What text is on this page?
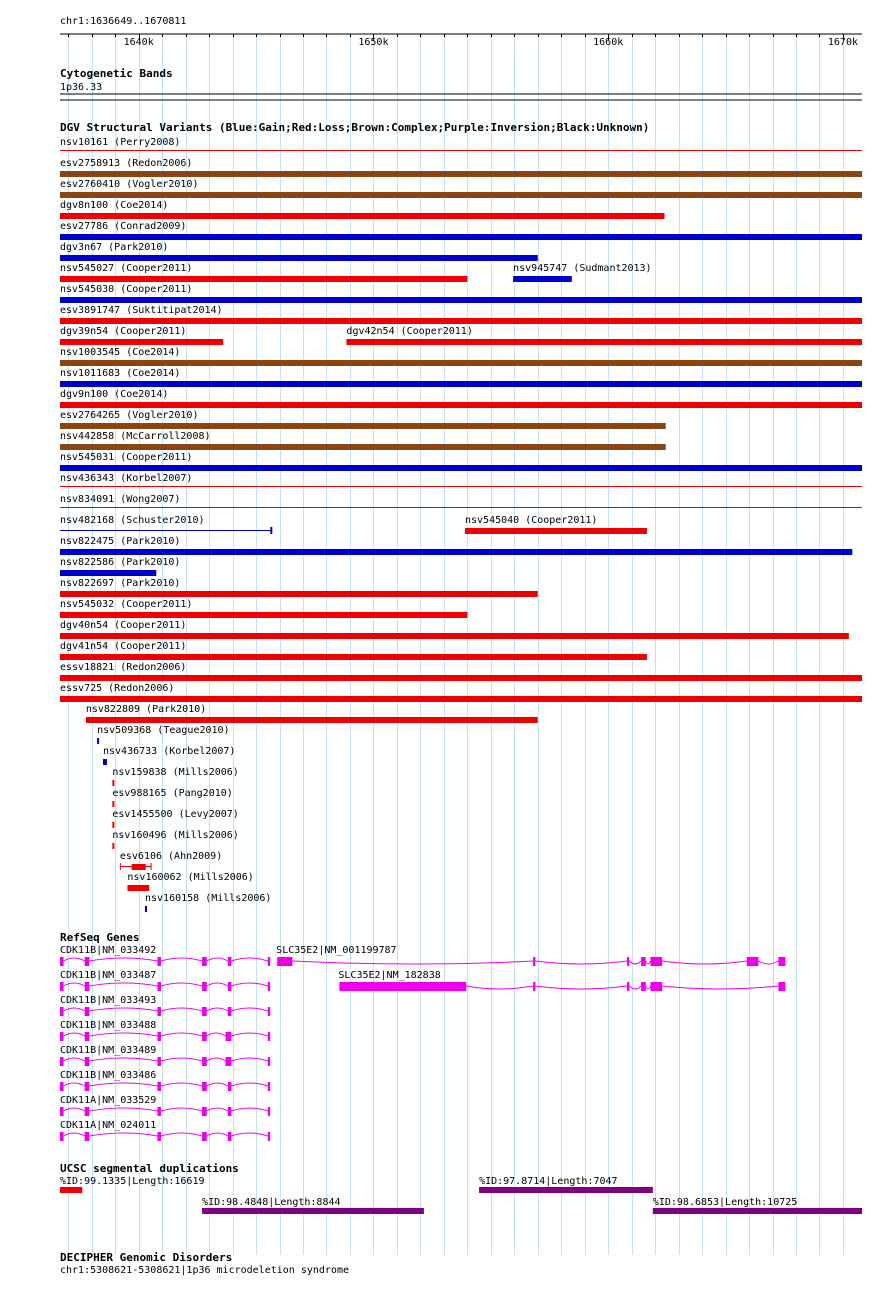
chr1:1636649..1670811
1640k	1650k	1660k	1670k
Cytogenetic Bands
1p36.33
DGV Structural Variants (Blue:Gain;Red:Loss;Brown:Complex;Purple:Inversion;Black:Unknown)
nsv10161 (Perry2008)
esv2758913 (Redon2006)
esv2760410 (Vogler2010)
dgv8n100 (Coe2014)
esv27786 (Conrad2009)
dgv3n67 (Park2010)
nsv545027 (Cooper2011)	nsv945747 (Sudmant2013)
nsv545030 (Cooper2011)
esv3891747 (Suktitipat2014)
dgv39n54 (Cooper2011)	dgv42n54 (Cooper2011)
nsv1003545 (Coe2014)
nsv1011683 (Coe2014)
dgv9n100 (Coe2014)
esv2764265 (Vogler2010)
nsv442858 (McCarroll2008)
nsv545031 (Cooper2011)
nsv436343 (Korbel2007)
nsv834091 (Wong2007)
nsv482168 (Schuster2010)	nsv545040 (Cooper2011)
nsv822475 (Park2010)
nsv822586 (Park2010)
nsv822697 (Park2010)
nsv545032 (Cooper2011)
dgv40n54 (Cooper2011)
dgv41n54 (Cooper2011)
essv18821 (Redon2006)
essv725 (Redon2006)
nsv822809 (Park2010)
nsv509368 (Teague2010)
nsv436733 (Korbel2007)
nsv159838 (Mills2006)
esv988165 (Pang2010)
esv1455500 (Levy2007)
nsv160496 (Mills2006)
esv6106 (Ahn2009)
nsv160062 (Mills2006)
nsv160158 (Mills2006)
RefSeq Genes
CDK11B|NM_033492	SLC35E2|NM_001199787
CDK11B|NM_033487	SLC35E2|NM_182838
CDK11B|NM_033493
CDK11B|NM_033488
CDK11B|NM_033489
CDK11B|NM_033486
CDK11A|NM_033529
CDK11A|NM_024011
UCSC segmental duplications
%ID:99.1335|Length:16619	%ID:97.8714|Length:7047
%ID:98.4848|Length:8844	%ID:98.6853|Length:10725
DECIPHER Genomic Disorders
chr1:5308621-5308621|1p36 microdeletion syndrome
